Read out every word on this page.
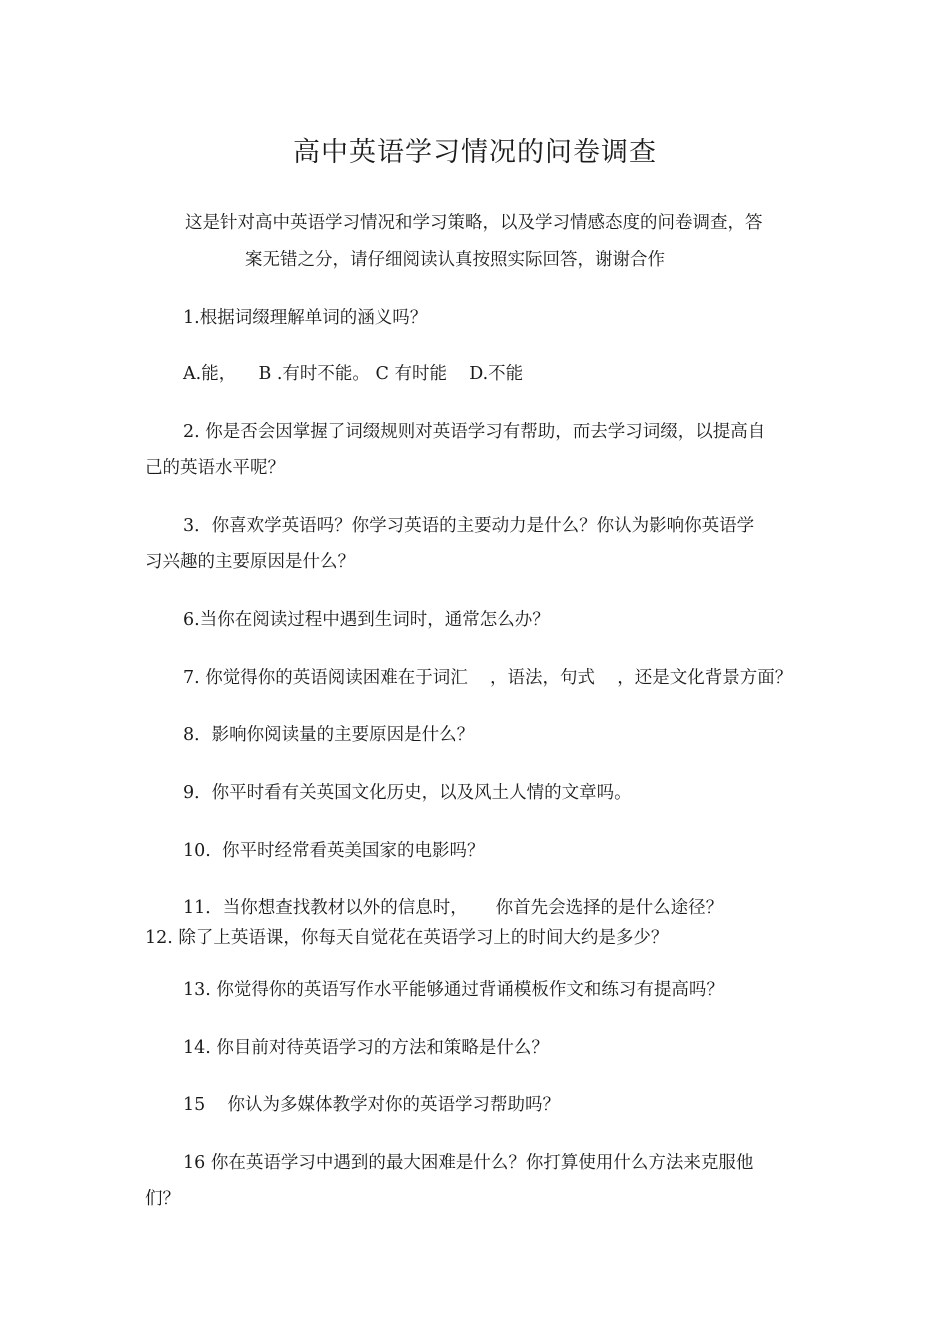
高中英语学习情况的问卷调查

这是针对高中英语学习情况和学习策略，以及学习情感态度的问卷调查，答

案无错之分，请仔细阅读认真按照实际回答，谢谢合作

1.根据词缀理解单词的涵义吗？

A.能，    B .有时不能。 C 有时能    D.不能

2. 你是否会因掌握了词缀规则对英语学习有帮助，而去学习词缀，以提高自

己的英语水平呢？

3．你喜欢学英语吗？你学习英语的主要动力是什么？你认为影响你英语学

习兴趣的主要原因是什么？

6.当你在阅读过程中遇到生词时，通常怎么办？

7. 你觉得你的英语阅读困难在于词汇    ，语法，句式    ，还是文化背景方面？

8．影响你阅读量的主要原因是什么？

9．你平时看有关英国文化历史，以及风土人情的文章吗。

10.  你平时经常看英美国家的电影吗？

11．当你想查找教材以外的信息时，     你首先会选择的是什么途径？

12. 除了上英语课，你每天自觉花在英语学习上的时间大约是多少？

13. 你觉得你的英语写作水平能够通过背诵模板作文和练习有提高吗？

14. 你目前对待英语学习的方法和策略是什么？

15    你认为多媒体教学对你的英语学习帮助吗？

16 你在英语学习中遇到的最大困难是什么？你打算使用什么方法来克服他

们？
